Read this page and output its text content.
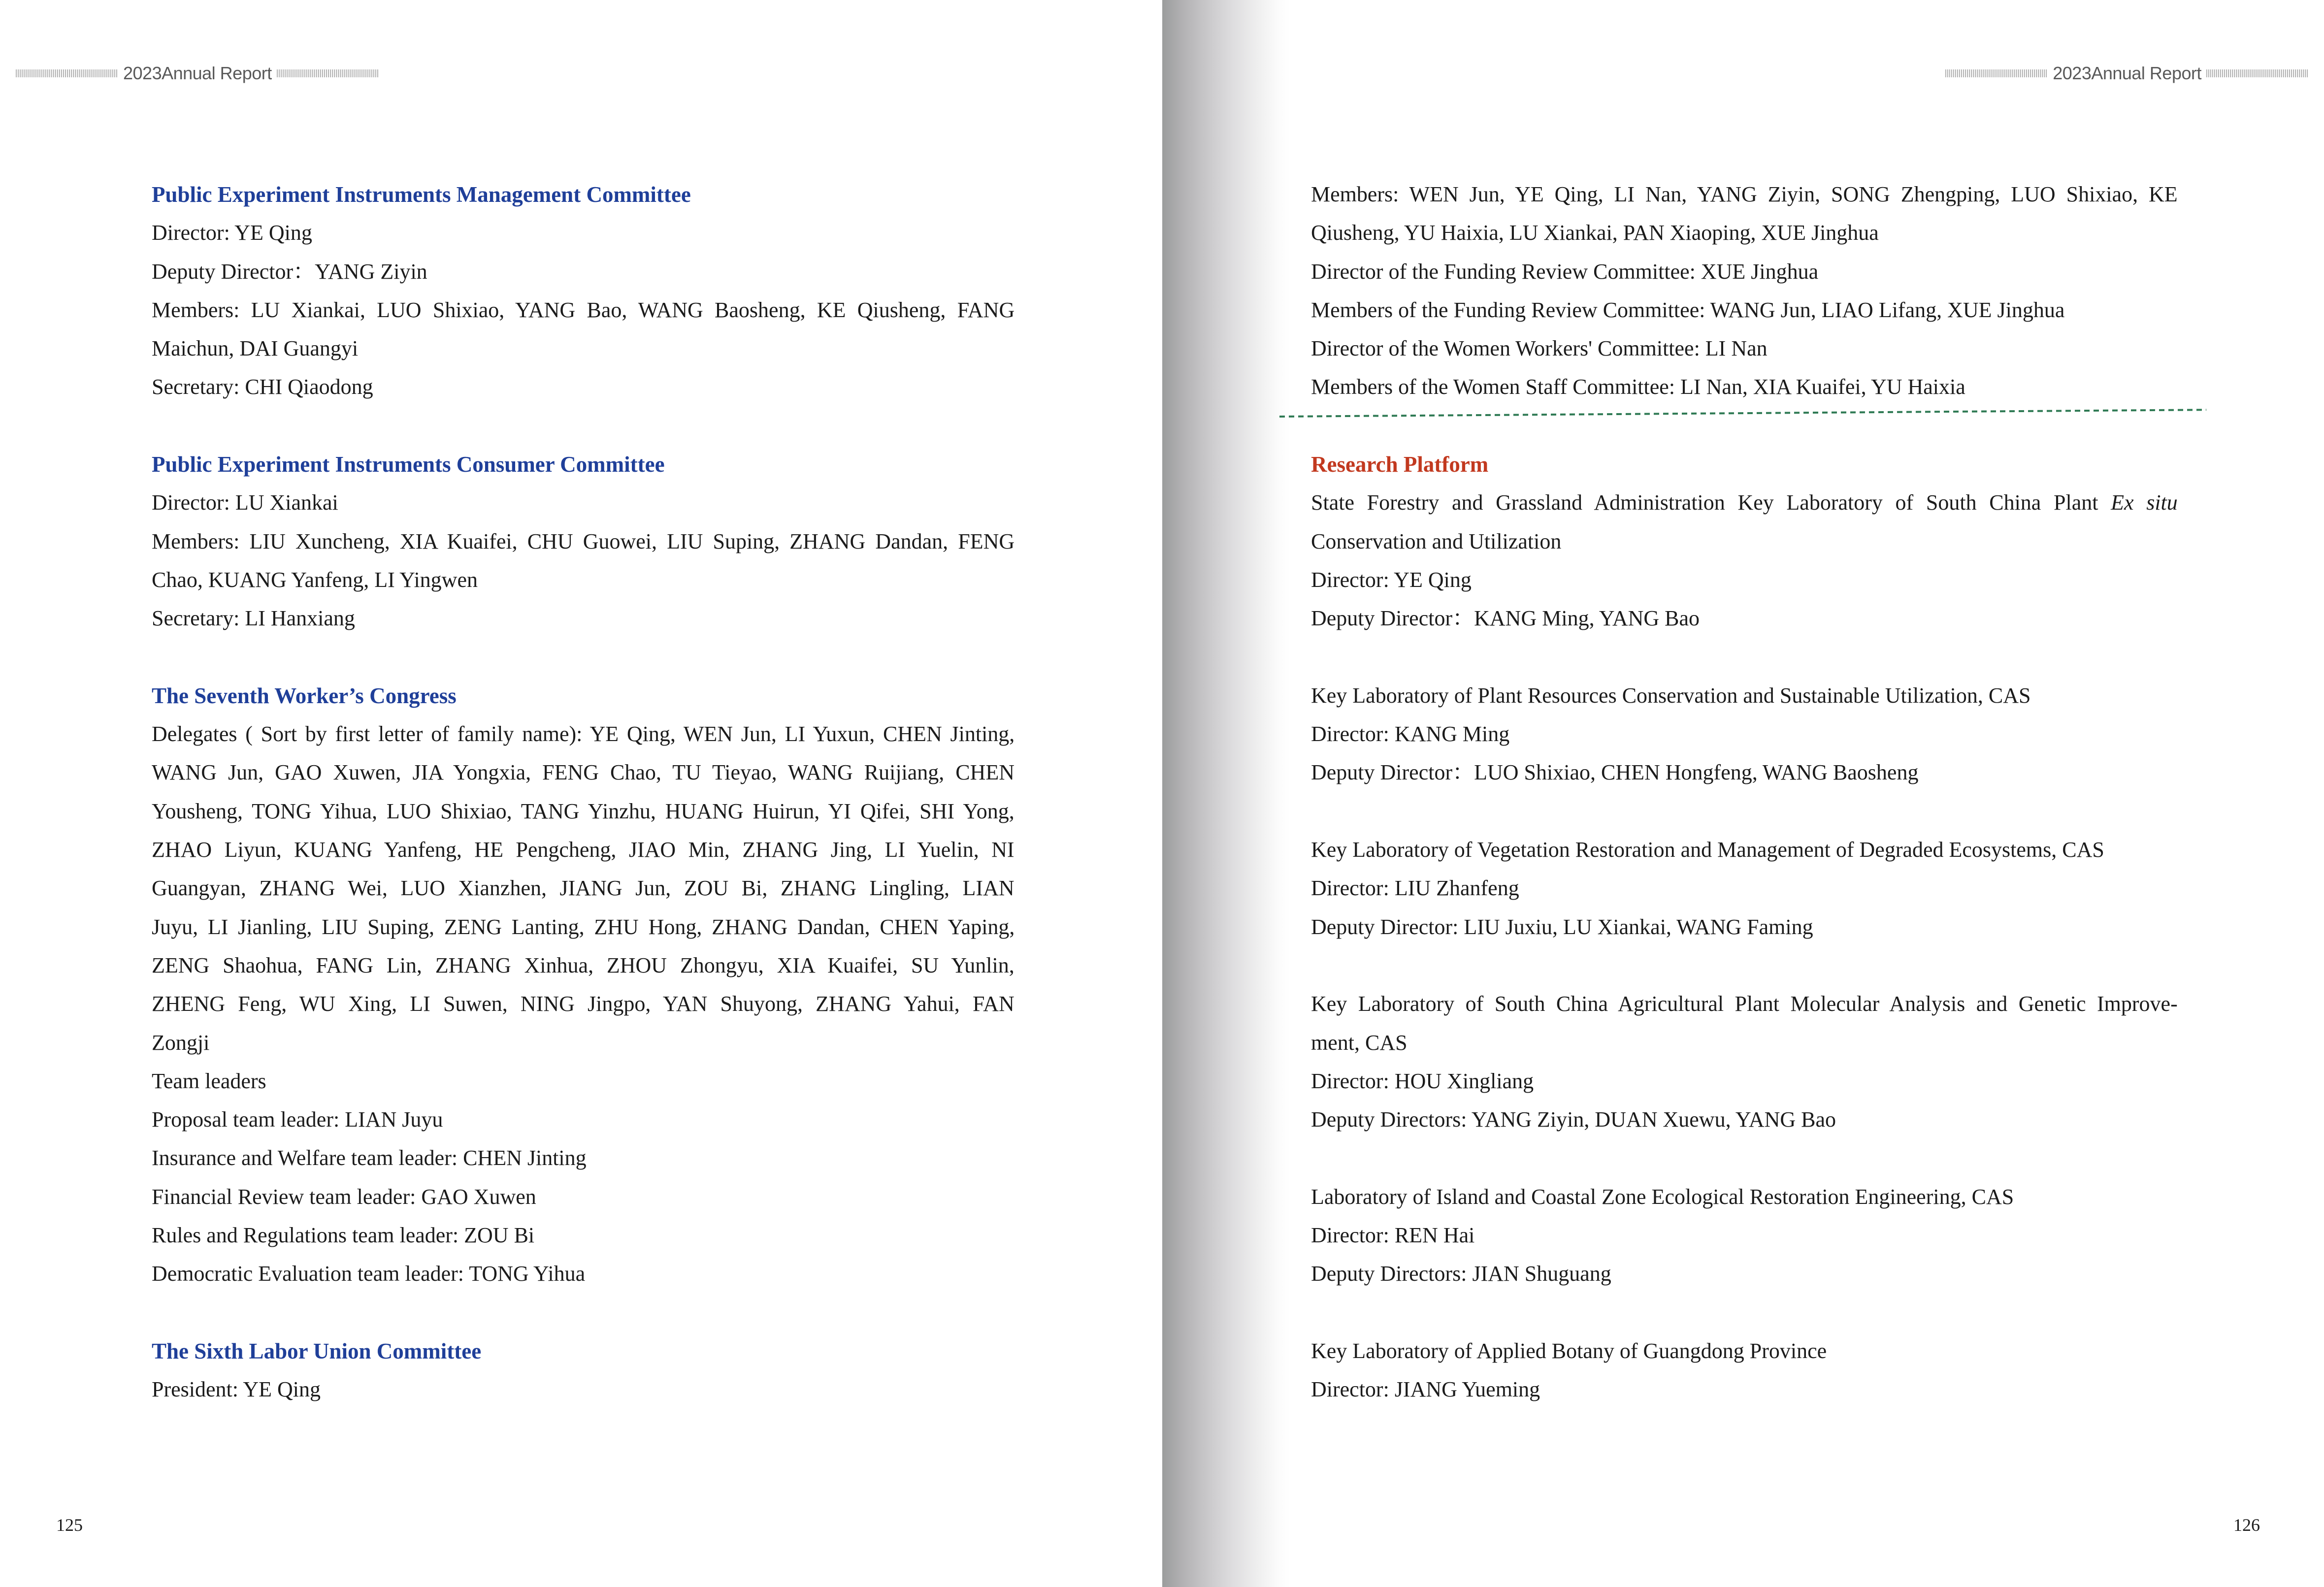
2023Annual Report
Public Experiment Instruments Management Committee
Director: YE Qing
Deputy Director：YANG Ziyin
Members: LU Xiankai, LUO Shixiao, YANG Bao, WANG Baosheng, KE Qiusheng, FANG
Maichun, DAI Guangyi
Secretary: CHI Qiaodong
Public Experiment Instruments Consumer Committee
Director: LU Xiankai
Members: LIU Xuncheng, XIA Kuaifei, CHU Guowei, LIU Suping, ZHANG Dandan, FENG
Chao, KUANG Yanfeng, LI Yingwen
Secretary: LI Hanxiang
The Seventh Worker’s Congress
Delegates ( Sort by first letter of family name): YE Qing, WEN Jun, LI Yuxun, CHEN Jinting,
WANG Jun, GAO Xuwen, JIA Yongxia, FENG Chao, TU Tieyao, WANG Ruijiang, CHEN
Yousheng, TONG Yihua, LUO Shixiao, TANG Yinzhu, HUANG Huirun, YI Qifei, SHI Yong,
ZHAO Liyun, KUANG Yanfeng, HE Pengcheng, JIAO Min, ZHANG Jing, LI Yuelin, NI
Guangyan, ZHANG Wei, LUO Xianzhen, JIANG Jun, ZOU Bi, ZHANG Lingling, LIAN
Juyu, LI Jianling, LIU Suping, ZENG Lanting, ZHU Hong, ZHANG Dandan, CHEN Yaping,
ZENG Shaohua, FANG Lin, ZHANG Xinhua, ZHOU Zhongyu, XIA Kuaifei, SU Yunlin,
ZHENG Feng, WU Xing, LI Suwen, NING Jingpo, YAN Shuyong, ZHANG Yahui, FAN
Zongji
Team leaders
Proposal team leader: LIAN Juyu
Insurance and Welfare team leader: CHEN Jinting
Financial Review team leader: GAO Xuwen
Rules and Regulations team leader: ZOU Bi
Democratic Evaluation team leader: TONG Yihua
The Sixth Labor Union Committee
President: YE Qing
125
2023Annual Report
Members: WEN Jun, YE Qing, LI Nan, YANG Ziyin, SONG Zhengping, LUO Shixiao, KE
Qiusheng, YU Haixia, LU Xiankai, PAN Xiaoping, XUE Jinghua
Director of the Funding Review Committee: XUE Jinghua
Members of the Funding Review Committee: WANG Jun, LIAO Lifang, XUE Jinghua
Director of the Women Workers' Committee: LI Nan
Members of the Women Staff Committee: LI Nan, XIA Kuaifei, YU Haixia
Research Platform
State Forestry and Grassland Administration Key Laboratory of South China Plant Ex situ
Conservation and Utilization
Director: YE Qing
Deputy Director：KANG Ming, YANG Bao
Key Laboratory of Plant Resources Conservation and Sustainable Utilization, CAS
Director: KANG Ming
Deputy Director：LUO Shixiao, CHEN Hongfeng, WANG Baosheng
Key Laboratory of Vegetation Restoration and Management of Degraded Ecosystems, CAS
Director: LIU Zhanfeng
Deputy Director: LIU Juxiu, LU Xiankai, WANG Faming
Key Laboratory of South China Agricultural Plant Molecular Analysis and Genetic Improve-
ment, CAS
Director: HOU Xingliang
Deputy Directors: YANG Ziyin, DUAN Xuewu, YANG Bao
Laboratory of Island and Coastal Zone Ecological Restoration Engineering, CAS
Director: REN Hai
Deputy Directors: JIAN Shuguang
Key Laboratory of Applied Botany of Guangdong Province
Director: JIANG Yueming
126
